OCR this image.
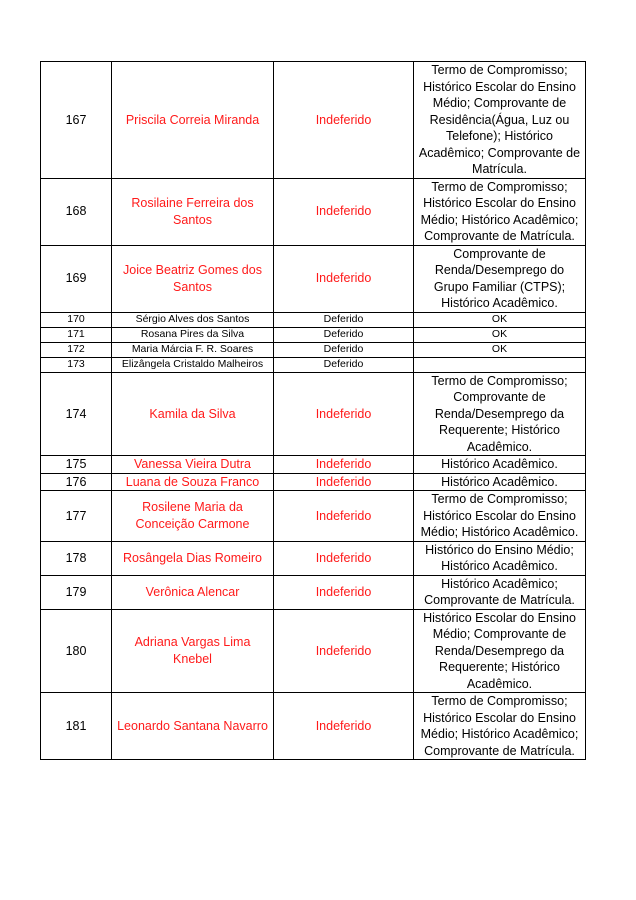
167	Priscila Correia Miranda	Indeferido	Termo de Compromisso; Histórico Escolar do Ensino Médio; Comprovante de Residência(Água, Luz ou Telefone); Histórico Acadêmico; Comprovante de Matrícula.
168	Rosilaine Ferreira dos Santos	Indeferido	Termo de Compromisso; Histórico Escolar do Ensino Médio; Histórico Acadêmico; Comprovante de Matrícula.
169	Joice Beatriz Gomes dos Santos	Indeferido	Comprovante de Renda/Desemprego do Grupo Familiar (CTPS); Histórico Acadêmico.
170	Sérgio Alves dos Santos	Deferido	OK
171	Rosana Pires da Silva	Deferido	OK
172	Maria Márcia F. R. Soares	Deferido	OK
173	Elizângela Cristaldo Malheiros	Deferido	
174	Kamila da Silva	Indeferido	Termo de Compromisso; Comprovante de Renda/Desemprego da Requerente; Histórico Acadêmico.
175	Vanessa Vieira Dutra	Indeferido	Histórico Acadêmico.
176	Luana de Souza Franco	Indeferido	Histórico Acadêmico.
177	Rosilene Maria da Conceição Carmone	Indeferido	Termo de Compromisso; Histórico Escolar do Ensino Médio; Histórico Acadêmico.
178	Rosângela Dias Romeiro	Indeferido	Histórico do Ensino Médio; Histórico Acadêmico.
179	Verônica Alencar	Indeferido	Histórico Acadêmico; Comprovante de Matrícula.
180	Adriana Vargas Lima Knebel	Indeferido	Histórico Escolar do Ensino Médio; Comprovante de Renda/Desemprego da Requerente; Histórico Acadêmico.
181	Leonardo Santana Navarro	Indeferido	Termo de Compromisso; Histórico Escolar do Ensino Médio; Histórico Acadêmico; Comprovante de Matrícula.
